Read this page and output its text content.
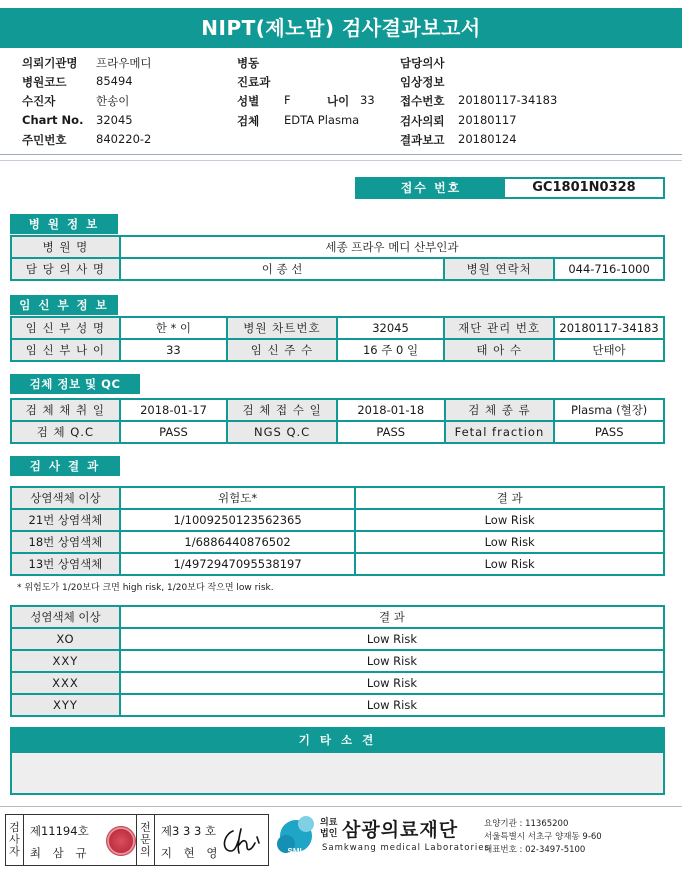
NIPT(제노맘) 검사결과보고서
의뢰기관명 프라우메디	병동	담당의사
병원코드	85494	진료과	임상정보
수진자	한송이	성별 F	나이 33 접수번호 20180117-34183
Chart No. 32045	검체 EDTA Plasma	검사의뢰 20180117
주민번호	840220-2	결과보고 20180124
접수 번호	GC1801N0328
병 원 정 보
병 원 명	세종 프라우 메디 산부인과		
담 당 의 사 명	이 종 선	병원 연락처	044-716-1000
임 신 부 정 보
임 신 부 성 명	한 * 이	병원 차트번호	32045	재단 관리 번호	20180117-34183
임 신 부 나 이	33	임 신 주 수	16 주 0 일	태 아 수	단태아
검체 정보 및 QC
검 체 채 취 일	2018-01-17	검 체 접 수 일	2018-01-18	검 체 종 류	Plasma (혈장)
검 체 Q.C	PASS	NGS Q.C	PASS	Fetal fraction	PASS
검 사 결 과
상염색체 이상	위험도*	결 과
21번 상염색체	1/1009250123562365	Low Risk
18번 상염색체	1/6886440876502	Low Risk
13번 상염색체	1/4972947095538197	Low Risk
* 위험도가 1/20보다 크면 high risk, 1/20보다 작으면 low risk.
성염색체 이상	결 과
XO	Low Risk
XXY	Low Risk
XXX	Low Risk
XYY	Low Risk
기 타 소 견
검
사
자
제11194호
최 삼 규
전
문
의
제3 3 3 호
지 현 영	SML
의료
법인 삼광의료재단
Samkwang medical Laboratories
요양기관 : 11365200
서울특별시 서초구 양재동 9-60
대표번호 : 02-3497-5100
